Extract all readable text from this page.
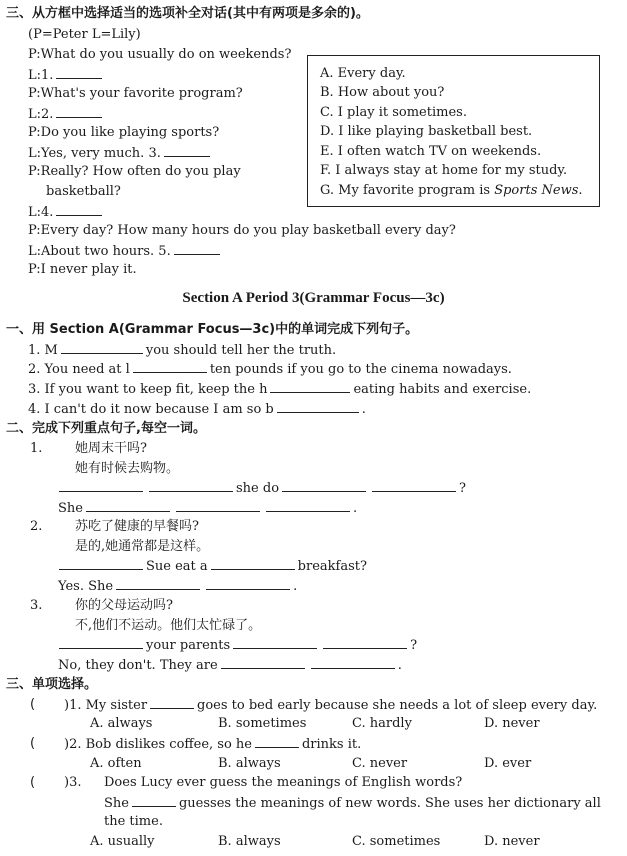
三、从方框中选择适当的选项补全对话(其中有两项是多余的)。
(P=Peter L=Lily)
P:What do you usually do on weekends?
L:1.
P:What's your favorite program?
L:2.
P:Do you like playing sports?
L:Yes, very much. 3.
P:Really? How often do you play
basketball?
L:4.
P:Every day? How many hours do you play basketball every day?
L:About two hours. 5.
P:I never play it.
A. Every day.
B. How about you?
C. I play it sometimes.
D. I like playing basketball best.
E. I often watch TV on weekends.
F. I always stay at home for my study.
G. My favorite program is Sports News.
Section A Period 3(Grammar Focus—3c)
一、用 Section A(Grammar Focus—3c)中的单词完成下列句子。
1. M	you should tell her the truth.
2. You need at l	ten pounds if you go to the cinema nowadays.
3. If you want to keep fit, keep the h	eating habits and exercise.
4. I can't do it now because I am so b	.
二、完成下列重点句子,每空一词。
1.	她周末干吗?
她有时候去购物。
she do	?
She	.
2.	苏吃了健康的早餐吗?
是的,她通常都是这样。
Sue eat a	breakfast?
Yes. She	.
3.	你的父母运动吗?
不,他们不运动。他们太忙碌了。
your parents	?
No, they don't. They are	.
三、单项选择。
(	)1. My sister	goes to bed early because she needs a lot of sleep every day.
A. always	B. sometimes	C. hardly	D. never
(	)2. Bob dislikes coffee, so he	drinks it.
A. often	B. always	C. never	D. ever
(	)3. Does Lucy ever guess the meanings of English words?
She	guesses the meanings of new words. She uses her dictionary all
the time.
A. usually	B. always	C. sometimes	D. never
